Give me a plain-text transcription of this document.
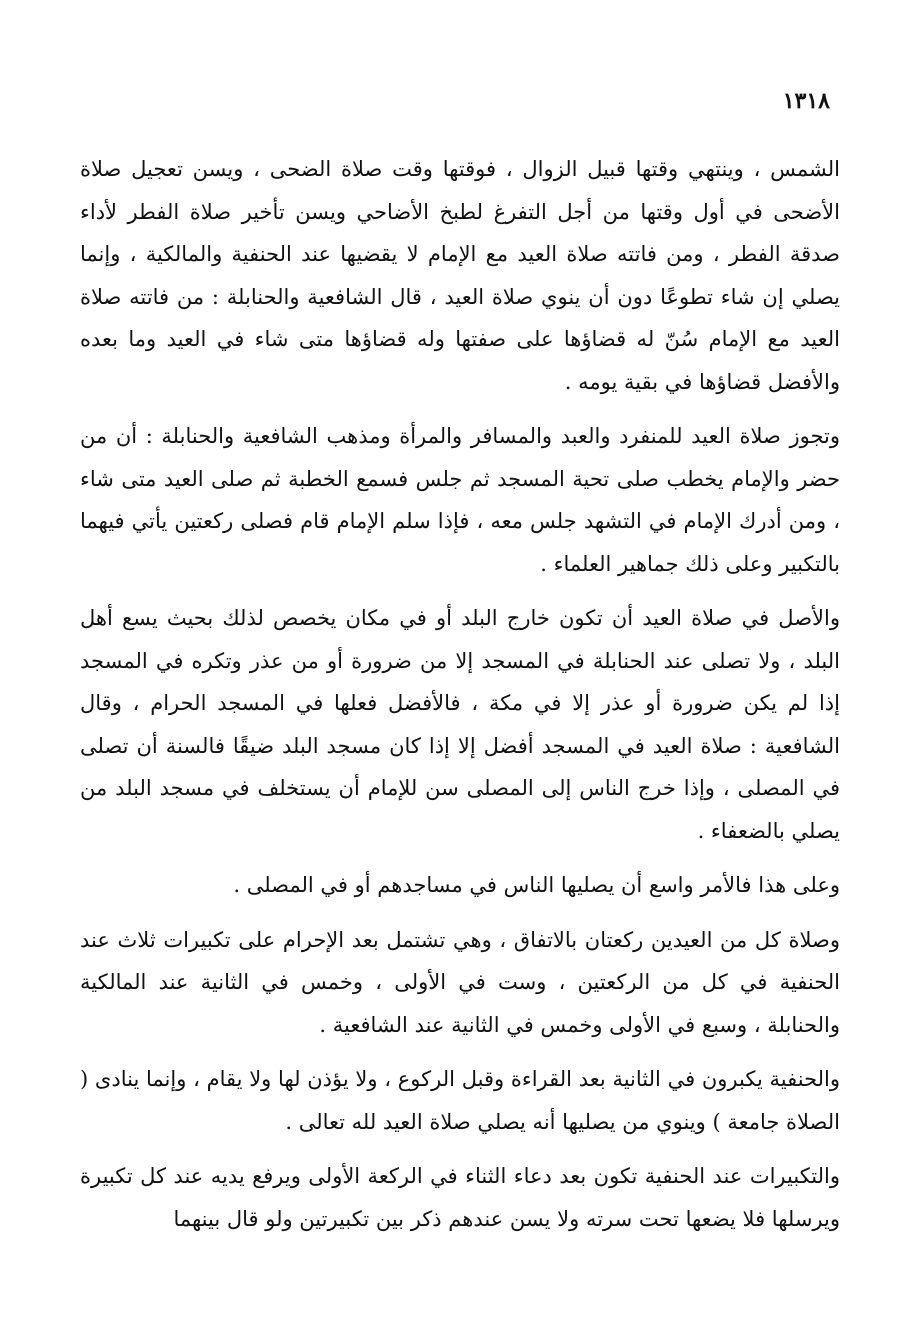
١٣١٨

الشمس ، وينتهي وقتها قبيل الزوال ، فوقتها وقت صلاة الضحى ، ويسن تعجيل صلاة الأضحى في أول وقتها من أجل التفرغ لطبخ الأضاحي ويسن تأخير صلاة الفطر لأداء صدقة الفطر ، ومن فاتته صلاة العيد مع الإمام لا يقضيها عند الحنفية والمالكية ، وإنما يصلي إن شاء تطوعًا دون أن ينوي صلاة العيد ، قال الشافعية والحنابلة : من فاتته صلاة العيد مع الإمام سُنّ له قضاؤها على صفتها وله قضاؤها متى شاء في العيد وما بعده والأفضل قضاؤها في بقية يومه .

وتجوز صلاة العيد للمنفرد والعبد والمسافر والمرأة ومذهب الشافعية والحنابلة : أن من حضر والإمام يخطب صلى تحية المسجد ثم جلس فسمع الخطبة ثم صلى العيد متى شاء ، ومن أدرك الإمام في التشهد جلس معه ، فإذا سلم الإمام قام فصلى ركعتين يأتي فيهما بالتكبير وعلى ذلك جماهير العلماء .

والأصل في صلاة العيد أن تكون خارج البلد أو في مكان يخصص لذلك بحيث يسع أهل البلد ، ولا تصلى عند الحنابلة في المسجد إلا من ضرورة أو من عذر وتكره في المسجد إذا لم يكن ضرورة أو عذر إلا في مكة ، فالأفضل فعلها في المسجد الحرام ، وقال الشافعية : صلاة العيد في المسجد أفضل إلا إذا كان مسجد البلد ضيقًا فالسنة أن تصلى في المصلى ، وإذا خرج الناس إلى المصلى سن للإمام أن يستخلف في مسجد البلد من يصلي بالضعفاء .

وعلى هذا فالأمر واسع أن يصليها الناس في مساجدهم أو في المصلى .

وصلاة كل من العيدين ركعتان بالاتفاق ، وهي تشتمل بعد الإحرام على تكبيرات ثلاث عند الحنفية في كل من الركعتين ، وست في الأولى ، وخمس في الثانية عند المالكية والحنابلة ، وسبع في الأولى وخمس في الثانية عند الشافعية .

والحنفية يكبرون في الثانية بعد القراءة وقبل الركوع ، ولا يؤذن لها ولا يقام ، وإنما ينادى ( الصلاة جامعة ) وينوي من يصليها أنه يصلي صلاة العيد لله تعالى .

والتكبيرات عند الحنفية تكون بعد دعاء الثناء في الركعة الأولى ويرفع يديه عند كل تكبيرة ويرسلها فلا يضعها تحت سرته ولا يسن عندهم ذكر بين تكبيرتين ولو قال بينهما
